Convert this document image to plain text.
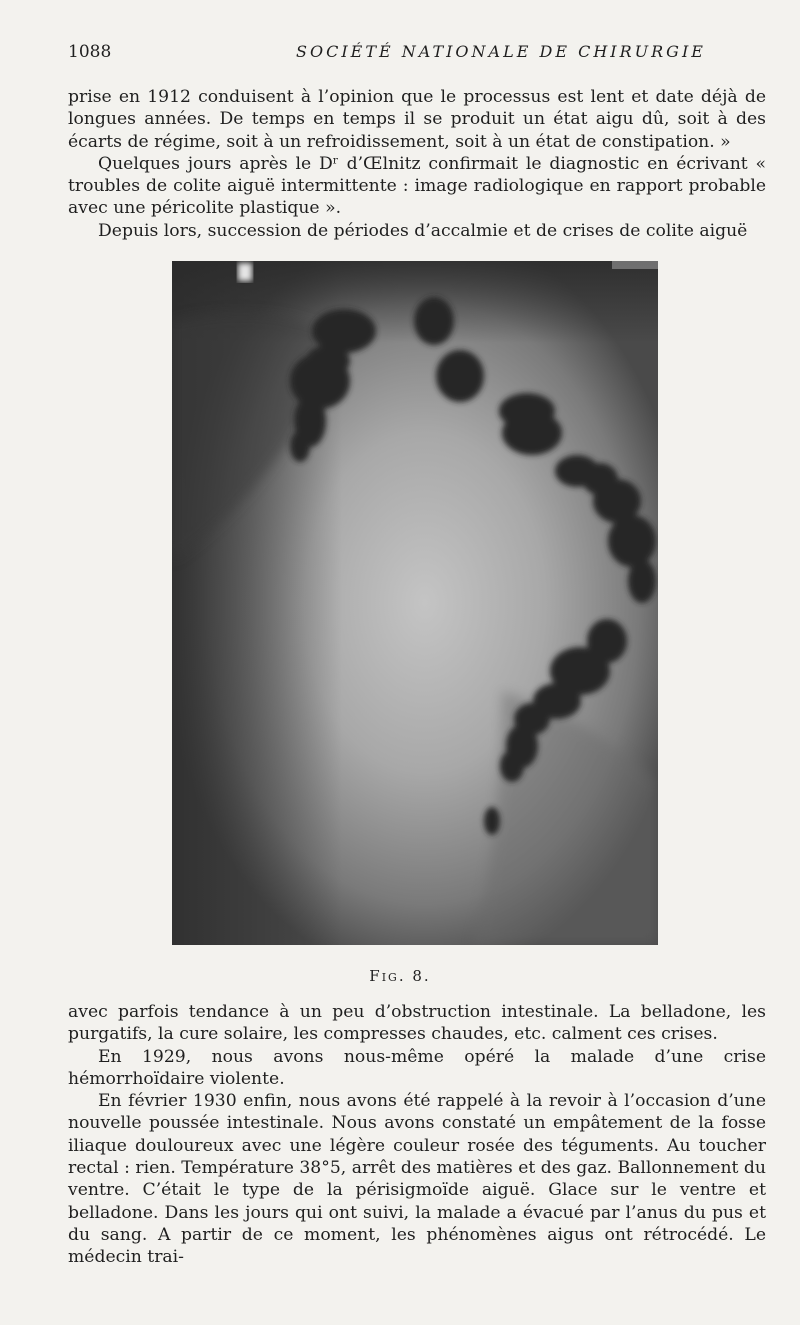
1088	SOCIÉTÉ NATIONALE DE CHIRURGIE

prise en 1912 conduisent à l’opinion que le processus est lent et date déjà de longues années. De temps en temps il se produit un état aigu dû, soit à des écarts de régime, soit à un refroidissement, soit à un état de constipation. »

Quelques jours après le Dʳ d’Œlnitz confirmait le diagnostic en écrivant « troubles de colite aiguë intermittente : image radiologique en rapport probable avec une péricolite plastique ».

Depuis lors, succession de périodes d’accalmie et de crises de colite aiguë

Fig. 8.

avec parfois tendance à un peu d’obstruction intestinale. La belladone, les purgatifs, la cure solaire, les compresses chaudes, etc. calment ces crises.

En 1929, nous avons nous-même opéré la malade d’une crise hémorrhoïdaire violente.

En février 1930 enfin, nous avons été rappelé à la revoir à l’occasion d’une nouvelle poussée intestinale. Nous avons constaté un empâtement de la fosse iliaque douloureux avec une légère couleur rosée des téguments. Au toucher rectal : rien. Température 38°5, arrêt des matières et des gaz. Ballonnement du ventre. C’était le type de la périsigmoïde aiguë. Glace sur le ventre et belladone. Dans les jours qui ont suivi, la malade a évacué par l’anus du pus et du sang. A partir de ce moment, les phénomènes aigus ont rétrocédé. Le médecin trai-
